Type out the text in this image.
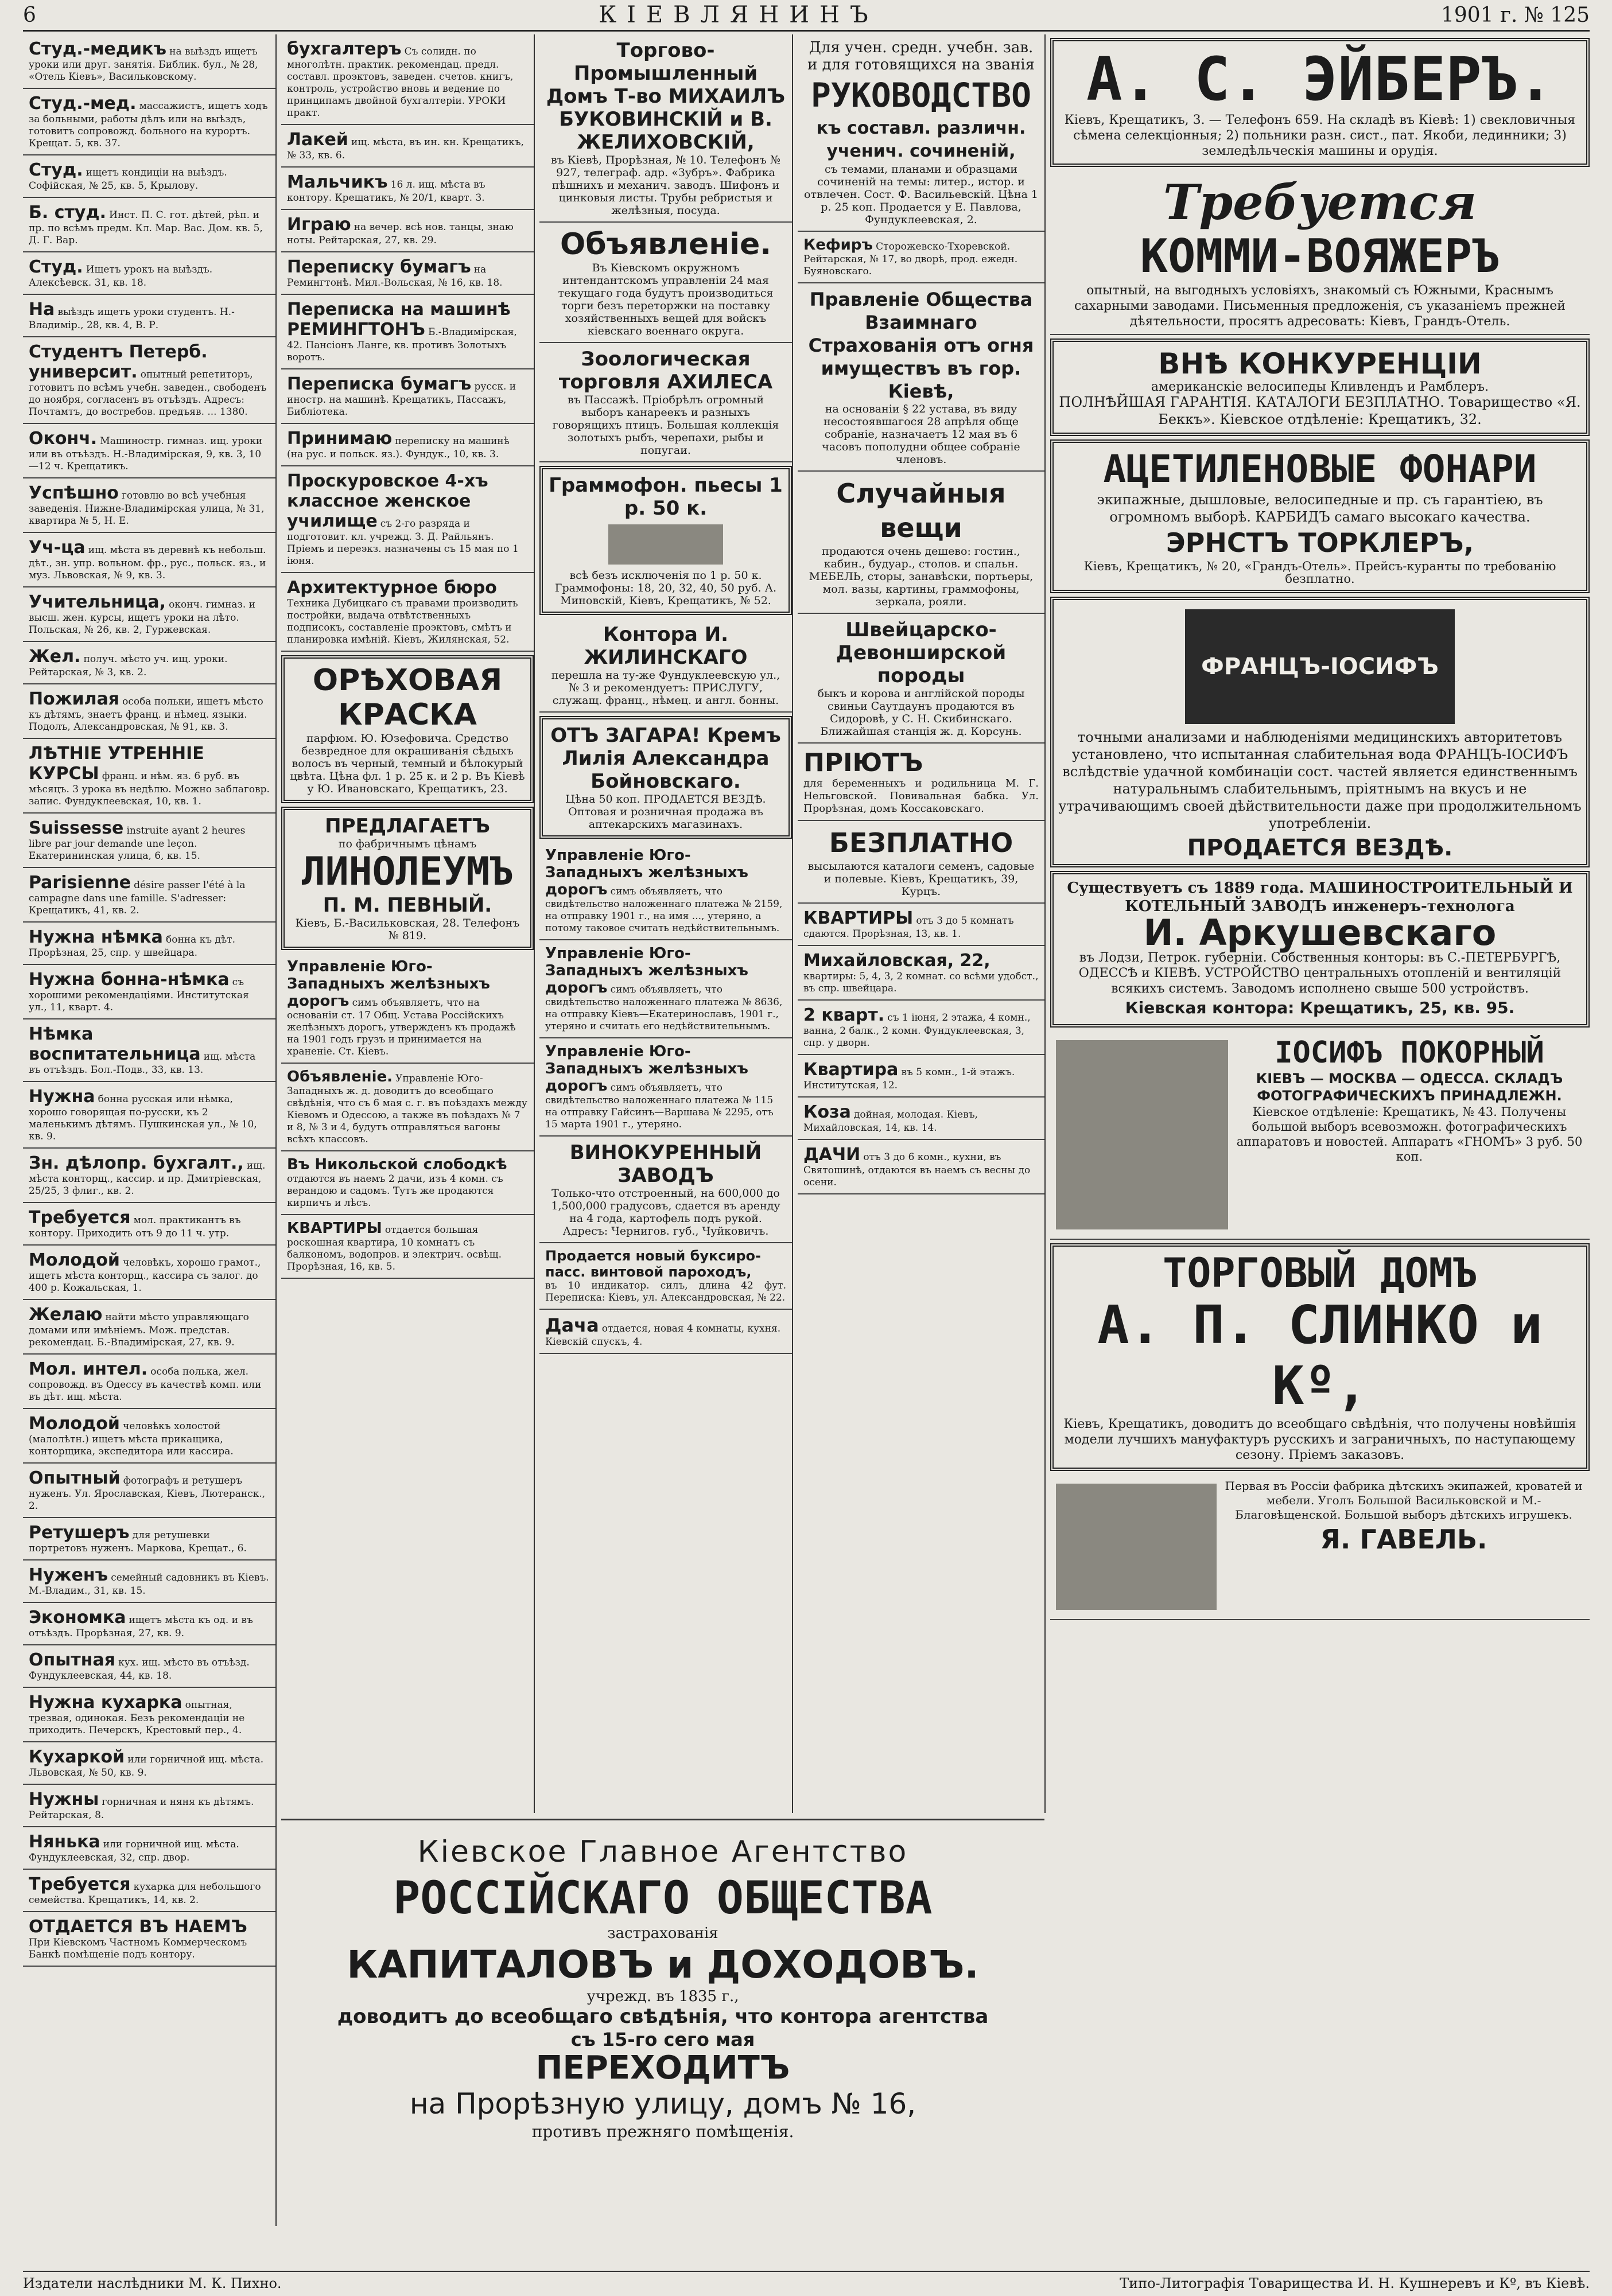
6	КІЕВЛЯНИНЪ	1901 г. № 125
Студ.-медикъ на выѣздъ ищетъ уроки или друг. занятія. Библик. бул., № 28, «Отель Кіевъ», Васильковскому.
Студ.-мед. массажистъ, ищетъ ходъ за больными, работы дѣлъ или на выѣздъ, готовитъ сопровожд. больного на курортъ. Крещат. 5, кв. 37.
Студ. ищетъ кондиціи на выѣздъ. Софійская, № 25, кв. 5, Крылову.
Б. студ. Инст. П. С. гот. дѣтей, рѣп. и пр. по всѣмъ предм. Кл. Мар. Вас. Дом. кв. 5, Д. Г. Вар.
Студ. Ищетъ урокъ на выѣздъ. Алексѣевск. 31, кв. 18.
На выѣздъ ищетъ уроки студентъ. Н.-Владимір., 28, кв. 4, В. Р.
Студентъ Петерб. университ. опытный репетиторъ, готовитъ по всѣмъ учебн. заведен., свободенъ до ноября, согласенъ въ отъѣздъ. Адресъ: Почтамтъ, до востребов. предъяв. ... 1380.
Оконч. Машиностр. гимназ. ищ. уроки или въ отъѣздъ. Н.-Владимірская, 9, кв. 3, 10—12 ч. Крещатикъ.
Успѣшно готовлю во всѣ учебныя заведенія. Нижне-Владимірская улица, № 31, квартира № 5, Н. Е.
Уч-ца ищ. мѣста въ деревнѣ къ небольш. дѣт., зн. упр. вольном. фр., рус., польск. яз., и муз. Львовская, № 9, кв. 3.
Учительница, оконч. гимназ. и высш. жен. курсы, ищетъ уроки на лѣто. Польская, № 26, кв. 2, Гуржевская.
Жел. получ. мѣсто уч. ищ. уроки. Рейтарская, № 3, кв. 2.
Пожилая особа польки, ищетъ мѣсто къ дѣтямъ, знаетъ франц. и нѣмец. языки. Подолъ, Александровская, № 91, кв. 3.
ЛѢТНІЕ УТРЕННІЕ КУРСЫ франц. и нѣм. яз. 6 руб. въ мѣсяцъ. 3 урока въ недѣлю. Можно заблаговр. запис. Фундуклеевская, 10, кв. 1.
Suissesse instruite ayant 2 heures libre par jour demande une leçon. Екатерининская улица, 6, кв. 15.
Parisienne désire passer l'été à la campagne dans une famille. S'adresser: Крещатикъ, 41, кв. 2.
Нужна нѣмка бонна къ дѣт. Прорѣзная, 25, спр. у швейцара.
Нужна бонна-нѣмка съ хорошими рекомендаціями. Институтская ул., 11, кварт. 4.
Нѣмка воспитательница ищ. мѣста въ отъѣздъ. Бол.-Подв., 33, кв. 13.
Нужна бонна русская или нѣмка, хорошо говорящая по-русски, къ 2 маленькимъ дѣтямъ. Пушкинская ул., № 10, кв. 9.
Зн. дѣлопр. бухгалт., ищ. мѣста конторщ., кассир. и пр. Дмитріевская, 25/25, 3 флиг., кв. 2.
Требуется мол. практикантъ въ контору. Приходить отъ 9 до 11 ч. утр.
Молодой человѣкъ, хорошо грамот., ищетъ мѣста конторщ., кассира съ залог. до 400 р. Кожальская, 1.
Желаю найти мѣсто управляющаго домами или имѣніемъ. Мож. представ. рекомендац. Б.-Владимірская, 27, кв. 9.
Мол. интел. особа полька, жел. сопровожд. въ Одессу въ качествѣ комп. или въ дѣт. ищ. мѣста.
Молодой человѣкъ холостой (малолѣтн.) ищетъ мѣста прикащика, конторщика, экспедитора или кассира.
Опытный фотографъ и ретушеръ нуженъ. Ул. Ярославская, Кіевъ, Лютеранск., 2.
Ретушеръ для ретушевки портретовъ нуженъ. Маркова, Крещат., 6.
Нуженъ семейный садовникъ въ Кіевъ. М.-Владим., 31, кв. 15.
Экономка ищетъ мѣста къ од. и въ отъѣздъ. Прорѣзная, 27, кв. 9.
Опытная кух. ищ. мѣсто въ отъѣзд. Фундуклеевская, 44, кв. 18.
Нужна кухарка опытная, трезвая, одинокая. Безъ рекомендаціи не приходить. Печерскъ, Крестовый пер., 4.
Кухаркой или горничной ищ. мѣста. Львовская, № 50, кв. 9.
Нужны горничная и няня къ дѣтямъ. Рейтарская, 8.
Нянька или горничной ищ. мѣста. Фундуклеевская, 32, спр. двор.
Требуется кухарка для небольшого семейства. Крещатикъ, 14, кв. 2.
ОТДАЕТСЯ ВЪ НАЕМЪ При Кіевскомъ Частномъ Коммерческомъ Банкѣ помѣщеніе подъ контору.
бухгалтеръ Съ солидн. по многолѣтн. практик. рекомендац. предл. составл. проэктовъ, заведен. счетов. книгъ, контроль, устройство вновь и ведение по принципамъ двойной бухгалтеріи. УРОКИ практ.
Лакей ищ. мѣста, въ ин. кн. Крещатикъ, № 33, кв. 6.
Мальчикъ 16 л. ищ. мѣста въ контору. Крещатикъ, № 20/1, кварт. 3.
Играю на вечер. всѣ нов. танцы, знаю ноты. Рейтарская, 27, кв. 29.
Переписку бумагъ на Ремингтонѣ. Мил.-Вольская, № 16, кв. 18.
Переписка на машинѣ РЕМИНГТОНЪ Б.-Владимірская, 42. Пансіонъ Ланге, кв. противъ Золотыхъ воротъ.
Переписка бумагъ русск. и иностр. на машинѣ. Крещатикъ, Пассажъ, Библіотека.
Принимаю переписку на машинѣ (на рус. и польск. яз.). Фундук., 10, кв. 3.
Проскуровское 4-хъ классное женское училище съ 2-го разряда и подготовит. кл. учрежд. З. Д. Райльянъ. Пріемъ и переэкз. назначены съ 15 мая по 1 іюня.
Архитектурное бюро Техника Дубицкаго съ правами производить постройки, выдача отвѣтственныхъ подписокъ, составленіе проэктовъ, смѣтъ и планировка имѣній. Кіевъ, Жилянская, 52.
ОРѢХОВАЯ КРАСКА
парфюм. Ю. Юзефовича. Средство безвредное для окрашиванія сѣдыхъ волосъ въ черный, темный и бѣлокурый цвѣта. Цѣна фл. 1 р. 25 к. и 2 р. Въ Кіевѣ у Ю. Ивановскаго, Крещатикъ, 23.
ПРЕДЛАГАЕТЪ
по фабричнымъ цѣнамъ
ЛИНОЛЕУМЪ
П. М. ПЕВНЫЙ.
Кіевъ, Б.-Васильковская, 28. Телефонъ № 819.
Управленіе Юго-Западныхъ желѣзныхъ дорогъ симъ объявляетъ, что на основаніи ст. 17 Общ. Устава Россійскихъ желѣзныхъ дорогъ, утвержденъ къ продажѣ на 1901 годъ грузъ и принимается на храненіе. Ст. Кіевъ.
Объявленіе. Управленіе Юго-Западныхъ ж. д. доводитъ до всеобщаго свѣдѣнія, что съ 6 мая с. г. въ поѣздахъ между Кіевомъ и Одессою, а также въ поѣздахъ № 7 и 8, № 3 и 4, будутъ отправляться вагоны всѣхъ классовъ.
Въ Никольской слободкѣ отдаются въ наемъ 2 дачи, изъ 4 комн. съ верандою и садомъ. Тутъ же продаются кирпичъ и лѣсъ.
КВАРТИРЫ отдается большая роскошная квартира, 10 комнатъ съ балкономъ, водопров. и электрич. освѣщ. Прорѣзная, 16, кв. 5.
Торгово-Промышленный Домъ Т-во МИХАИЛЪ БУКОВИНСКІЙ и В. ЖЕЛИХОВСКІЙ,
въ Кіевѣ, Прорѣзная, № 10. Телефонъ № 927, телеграф. адр. «Зубръ». Фабрика пѣшнихъ и механич. заводъ. Шифонъ и цинковыя листы. Трубы ребристыя и желѣзныя, посуда.
Объявленіе.
Въ Кіевскомъ окружномъ интендантскомъ управленіи 24 мая текущаго года будутъ производиться торги безъ переторжки на поставку хозяйственныхъ вещей для войскъ кіевскаго военнаго округа.
Зоологическая торговля АХИЛЕСА
въ Пассажѣ. Пріобрѣлъ огромный выборъ канареекъ и разныхъ говорящихъ птицъ. Большая коллекція золотыхъ рыбъ, черепахи, рыбы и попугаи.
Граммофон. пьесы 1 р. 50 к.
всѣ безъ исключенія по 1 р. 50 к. Граммофоны: 18, 20, 32, 40, 50 руб. А. Миновскій, Кіевъ, Крещатикъ, № 52.
Контора И. ЖИЛИНСКАГО
перешла на ту-же Фундуклеевскую ул., № 3 и рекомендуетъ: ПРИСЛУГУ, служащ. франц., нѣмец. и англ. бонны.
ОТЪ ЗАГАРА! Кремъ Лилія Александра Бойновскаго.
Цѣна 50 коп. ПРОДАЕТСЯ ВЕЗДѢ. Оптовая и розничная продажа въ аптекарскихъ магазинахъ.
Управленіе Юго-Западныхъ желѣзныхъ дорогъ симъ объявляетъ, что свидѣтельство наложеннаго платежа № 2159, на отправку 1901 г., на имя ..., утеряно, а потому таковое считать недѣйствительнымъ.
Управленіе Юго-Западныхъ желѣзныхъ дорогъ симъ объявляетъ, что свидѣтельство наложеннаго платежа № 8636, на отправку Кіевъ—Екатеринославъ, 1901 г., утеряно и считать его недѣйствительнымъ.
Управленіе Юго-Западныхъ желѣзныхъ дорогъ симъ объявляетъ, что свидѣтельство наложеннаго платежа № 115 на отправку Гайсинъ—Варшава № 2295, отъ 15 марта 1901 г., утеряно.
ВИНОКУРЕННЫЙ ЗАВОДЪ
Только-что отстроенный, на 600,000 до 1,500,000 градусовъ, сдается въ аренду на 4 года, картофель подъ рукой. Адресъ: Чернигов. губ., Чуйковичъ.
Продается новый буксиро-пасс. винтовой пароходъ,
въ 10 индикатор. силъ, длина 42 фут. Переписка: Кіевъ, ул. Александровская, № 22.
Дача отдается, новая 4 комнаты, кухня. Кіевскій спускъ, 4.
Кіевское Главное Агентство
РОССІЙСКАГО ОБЩЕСТВА
застрахованія
КАПИТАЛОВЪ и ДОХОДОВЪ.
учрежд. въ 1835 г.,
доводитъ до всеобщаго свѣдѣнія, что контора агентства
съ 15-го сего мая
ПЕРЕХОДИТЪ
на Прорѣзную улицу, домъ № 16,
противъ прежняго помѣщенія.
Для учен. средн. учебн. зав. и для готовящихся на званія
РУКОВОДСТВО
къ составл. различн. ученич. сочиненій,
съ темами, планами и образцами сочиненій на темы: литер., истор. и отвлечен. Сост. Ф. Васильевскій. Цѣна 1 р. 25 коп. Продается у Е. Павлова, Фундуклеевская, 2.
Кефиръ Сторожевско-Тхоревской. Рейтарская, № 17, во дворѣ, прод. ежедн. Буяновскаго.
Правленіе Общества Взаимнаго Страхованія отъ огня имуществъ въ гор. Кіевѣ,
на основаніи § 22 устава, въ виду несостоявшагося 28 апрѣля обще собраніе, назначаетъ 12 мая въ 6 часовъ пополудни общее собраніе членовъ.
Случайныя вещи
продаются очень дешево: гостин., кабин., будуар., столов. и спальн. МЕБЕЛЬ, сторы, занавѣски, портьеры, мол. вазы, картины, граммофоны, зеркала, рояли.
Швейцарско-Девонширской породы
быкъ и корова и англійской породы свиньи Саутдаунъ продаются въ Сидоровѣ, у С. Н. Скибинскаго. Ближайшая станція ж. д. Корсунь.
ПРІЮТЪ
для беременныхъ и родильница М. Г. Нельговской. Повивальная бабка. Ул. Прорѣзная, домъ Коссаковскаго.
БЕЗПЛАТНО
высылаются каталоги семенъ, садовые и полевые. Кіевъ, Крещатикъ, 39, Курцъ.
КВАРТИРЫ отъ 3 до 5 комнатъ сдаются. Прорѣзная, 13, кв. 1.
Михайловская, 22, квартиры: 5, 4, 3, 2 комнат. со всѣми удобст., въ спр. швейцара.
2 кварт. съ 1 іюня, 2 этажа, 4 комн., ванна, 2 балк., 2 комн. Фундуклеевская, 3, спр. у дворн.
Квартира въ 5 комн., 1-й этажъ. Институтская, 12.
Коза дойная, молодая. Кіевъ, Михайловская, 14, кв. 14.
ДАЧИ отъ 3 до 6 комн., кухни, въ Святошинѣ, отдаются въ наемъ съ весны до осени.
А. С. ЭЙБЕРЪ.
Кіевъ, Крещатикъ, 3. — Телефонъ 659. На складѣ въ Кіевѣ: 1) свекловичныя сѣмена селекціонныя; 2) польники разн. сист., пат. Якоби, лединники; 3) земледѣльческія машины и орудія.
Требуется
КОММИ-ВОЯЖЕРЪ
опытный, на выгодныхъ условіяхъ, знакомый съ Южными, Краснымъ сахарными заводами. Письменныя предложенія, съ указаніемъ прежней дѣятельности, просятъ адресовать: Кіевъ, Грандъ-Отель.
ВНѢ КОНКУРЕНЦІИ
американскіе велосипеды Кливлендъ и Рамблеръ.
ПОЛНѢЙШАЯ ГАРАНТІЯ. КАТАЛОГИ БЕЗПЛАТНО. Товарищество «Я. Беккъ». Кіевское отдѣленіе: Крещатикъ, 32.
АЦЕТИЛЕНОВЫЕ ФОНАРИ
экипажные, дышловые, велосипедные и пр. съ гарантіею, въ огромномъ выборѣ. КАРБИДЪ самаго высокаго качества.
ЭРНСТЪ ТОРКЛЕРЪ,
Кіевъ, Крещатикъ, № 20, «Грандъ-Отель». Прейсъ-куранты по требованію безплатно.
ФРАНЦЪ-ІОСИФЪ
точными анализами и наблюденіями медицинскихъ авторитетовъ установлено, что испытанная слабительная вода ФРАНЦЪ-ІОСИФЪ вслѣдствіе удачной комбинаціи сост. частей является единственнымъ натуральнымъ слабительнымъ, пріятнымъ на вкусъ и не утрачивающимъ своей дѣйствительности даже при продолжительномъ употребленіи.
ПРОДАЕТСЯ ВЕЗДѢ.
Существуетъ съ 1889 года. МАШИНОСТРОИТЕЛЬНЫЙ И КОТЕЛЬНЫЙ ЗАВОДЪ инженеръ-технолога
И. Аркушевскаго
въ Лодзи, Петрок. губерніи. Собственныя конторы: въ С.-ПЕТЕРБУРГѢ, ОДЕССѢ и КІЕВѢ. УСТРОЙСТВО центральныхъ отопленій и вентиляцій всякихъ системъ. Заводомъ исполнено свыше 500 устройствъ.
Кіевская контора: Крещатикъ, 25, кв. 95.
ІОСИФЪ ПОКОРНЫЙ
КІЕВЪ — МОСКВА — ОДЕССА. СКЛАДЪ ФОТОГРАФИЧЕСКИХЪ ПРИНАДЛЕЖН.
Кіевское отдѣленіе: Крещатикъ, № 43. Получены большой выборъ всевозможн. фотографическихъ аппаратовъ и новостей. Аппаратъ «ГНОМЪ» 3 руб. 50 коп.
ТОРГОВЫЙ ДОМЪ
А. П. СЛИНКО и Кº,
Кіевъ, Крещатикъ, доводитъ до всеобщаго свѣдѣнія, что получены новѣйшія модели лучшихъ мануфактуръ русскихъ и заграничныхъ, по наступающему сезону. Пріемъ заказовъ.
Первая въ Россіи фабрика дѣтскихъ экипажей, кроватей и мебели. Уголъ Большой Васильковской и М.-Благовѣщенской. Большой выборъ дѣтскихъ игрушекъ.
Я. ГАВЕЛЬ.
Издатели наслѣдники М. К. Пихно.	Типо-Литографія Товарищества И. Н. Кушнеревъ и Кº, въ Кіевѣ.
